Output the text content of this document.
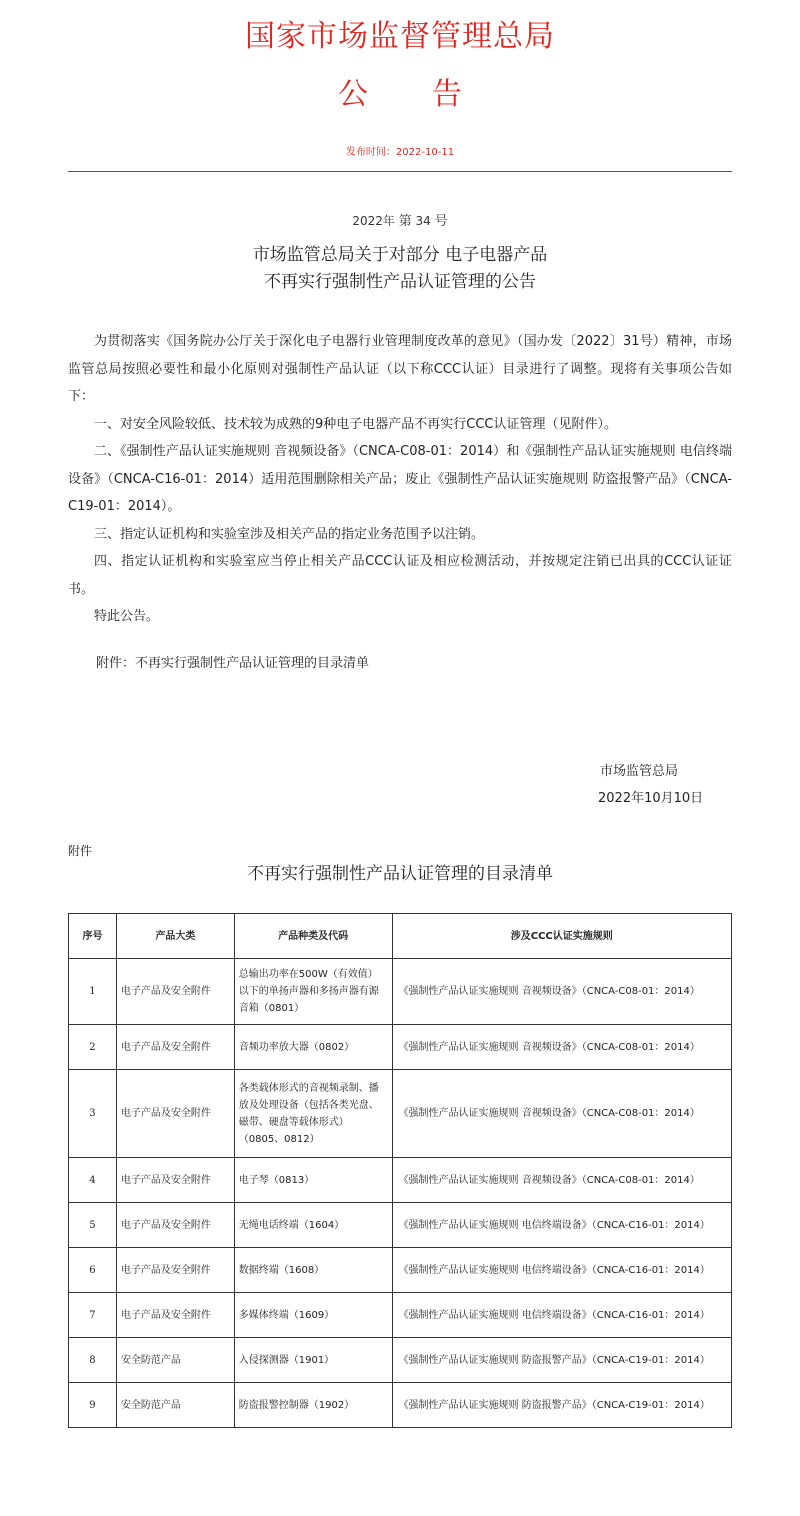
国家市场监督管理总局
公 告
发布时间：2022-10-11
2022年 第 34 号
市场监管总局关于对部分 电子电器产品
不再实行强制性产品认证管理的公告

为贯彻落实《国务院办公厅关于深化电子电器行业管理制度改革的意见》（国办发〔2022〕31号）精神，市场监管总局按照必要性和最小化原则对强制性产品认证（以下称CCC认证）目录进行了调整。现将有关事项公告如下：

一、对安全风险较低、技术较为成熟的9种电子电器产品不再实行CCC认证管理（见附件）。

二、《强制性产品认证实施规则 音视频设备》（CNCA-C08-01：2014）和《强制性产品认证实施规则 电信终端设备》（CNCA-C16-01：2014）适用范围删除相关产品；废止《强制性产品认证实施规则 防盗报警产品》（CNCA-C19-01：2014）。

三、指定认证机构和实验室涉及相关产品的指定业务范围予以注销。

四、指定认证机构和实验室应当停止相关产品CCC认证及相应检测活动，并按规定注销已出具的CCC认证证书。

特此公告。

附件：不再实行强制性产品认证管理的目录清单
市场监管总局
2022年10月10日
附件
不再实行强制性产品认证管理的目录清单
序号	产品大类	产品种类及代码	涉及CCC认证实施规则
1	电子产品及安全附件	总输出功率在500W（有效值）以下的单扬声器和多扬声器有源音箱（0801）	《强制性产品认证实施规则 音视频设备》（CNCA-C08-01：2014）
2	电子产品及安全附件	音频功率放大器（0802）	《强制性产品认证实施规则 音视频设备》（CNCA-C08-01：2014）
3	电子产品及安全附件	各类载体形式的音视频录制、播放及处理设备（包括各类光盘、磁带、硬盘等载体形式）（0805、0812）	《强制性产品认证实施规则 音视频设备》（CNCA-C08-01：2014）
4	电子产品及安全附件	电子琴（0813）	《强制性产品认证实施规则 音视频设备》（CNCA-C08-01：2014）
5	电子产品及安全附件	无绳电话终端（1604）	《强制性产品认证实施规则 电信终端设备》（CNCA-C16-01：2014）
6	电子产品及安全附件	数据终端（1608）	《强制性产品认证实施规则 电信终端设备》（CNCA-C16-01：2014）
7	电子产品及安全附件	多媒体终端（1609）	《强制性产品认证实施规则 电信终端设备》（CNCA-C16-01：2014）
8	安全防范产品	入侵探测器（1901）	《强制性产品认证实施规则 防盗报警产品》（CNCA-C19-01：2014）
9	安全防范产品	防盗报警控制器（1902）	《强制性产品认证实施规则 防盗报警产品》（CNCA-C19-01：2014）
